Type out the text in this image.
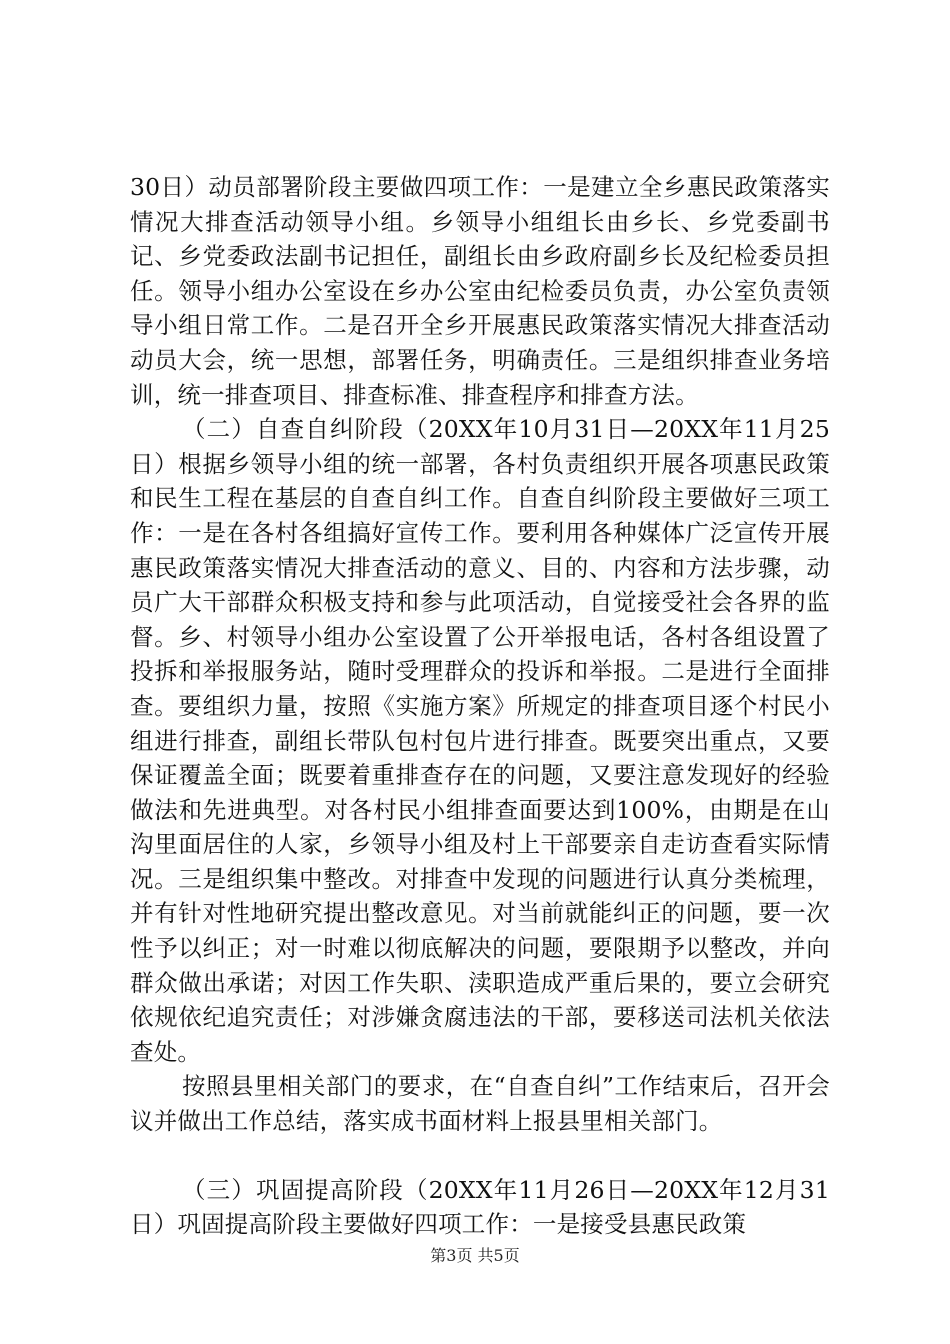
30日）动员部署阶段主要做四项工作：一是建立全乡惠民政策落实情况大排查活动领导小组。乡领导小组组长由乡长、乡党委副书记、乡党委政法副书记担任，副组长由乡政府副乡长及纪检委员担任。领导小组办公室设在乡办公室由纪检委员负责，办公室负责领导小组日常工作。二是召开全乡开展惠民政策落实情况大排查活动动员大会，统一思想，部署任务，明确责任。三是组织排查业务培训，统一排查项目、排查标准、排查程序和排查方法。

（二）自查自纠阶段（20XX年10月31日—20XX年11月25日）根据乡领导小组的统一部署，各村负责组织开展各项惠民政策和民生工程在基层的自查自纠工作。自查自纠阶段主要做好三项工作：一是在各村各组搞好宣传工作。要利用各种媒体广泛宣传开展惠民政策落实情况大排查活动的意义、目的、内容和方法步骤，动员广大干部群众积极支持和参与此项活动，自觉接受社会各界的监督。乡、村领导小组办公室设置了公开举报电话，各村各组设置了投拆和举报服务站，随时受理群众的投诉和举报。二是进行全面排查。要组织力量，按照《实施方案》所规定的排查项目逐个村民小组进行排查，副组长带队包村包片进行排查。既要突出重点，又要保证覆盖全面；既要着重排查存在的问题，又要注意发现好的经验做法和先进典型。对各村民小组排查面要达到100%，由期是在山沟里面居住的人家，乡领导小组及村上干部要亲自走访查看实际情况。三是组织集中整改。对排查中发现的问题进行认真分类梳理，并有针对性地研究提出整改意见。对当前就能纠正的问题，要一次性予以纠正；对一时难以彻底解决的问题，要限期予以整改，并向群众做出承诺；对因工作失职、渎职造成严重后果的，要立会研究依规依纪追究责任；对涉嫌贪腐违法的干部，要移送司法机关依法查处。

按照县里相关部门的要求，在“自查自纠”工作结束后，召开会议并做出工作总结，落实成书面材料上报县里相关部门。

（三）巩固提高阶段（20XX年11月26日—20XX年12月31日）巩固提高阶段主要做好四项工作：一是接受县惠民政策

第3页 共5页
